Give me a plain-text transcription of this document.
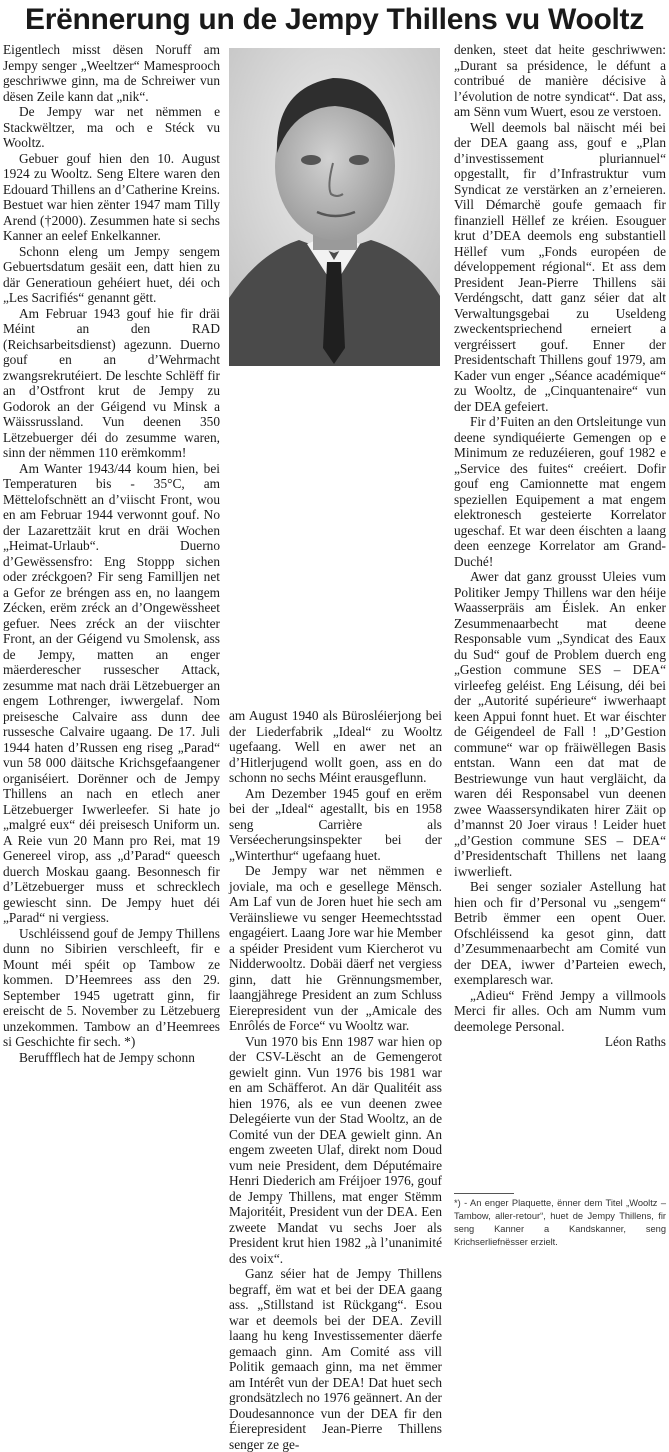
Erënnerung un de Jempy Thillens vu Wooltz

Eigentlech misst dësen Noruff am Jempy senger „Weeltzer“ Mamesprooch geschriwwe ginn, ma de Schreiwer vun dësen Zeile kann dat „nik“.

De Jempy war net nëmmen e Stackwëltzer, ma och e Stéck vu Wooltz.

Gebuer gouf hien den 10. August 1924 zu Wooltz. Seng Eltere waren den Edouard Thillens an d’Catherine Kreins. Bestuet war hien zënter 1947 mam Tilly Arend (†2000). Zesummen hate si sechs Kanner an eelef Enkelkanner.

Schonn eleng um Jempy sengem Gebuertsdatum gesäit een, datt hien zu där Generatioun gehéiert huet, déi och „Les Sacrifiés“ genannt gëtt.

Am Februar 1943 gouf hie fir dräi Méint an den RAD (Reichsarbeitsdienst) agezunn. Duerno gouf en an d’Wehrmacht zwangsrekrutéiert. De leschte Schlëff fir an d’Ostfront krut de Jempy zu Godorok an der Géigend vu Minsk a Wäissrussland. Vun deenen 350 Lëtzebuerger déi do zesumme waren, sinn der nëmmen 110 erëmkomm!

Am Wanter 1943/44 koum hien, bei Temperaturen bis - 35°C, am Mëttelofschnëtt an d’viischt Front, wou en am Februar 1944 verwonnt gouf. No der Lazarettzäit krut en dräi Wochen „Heimat-Urlaub“. Duerno d’Gewëssensfro: Eng Stoppp sichen oder zréckgoen? Fir seng Familljen net a Gefor ze bréngen ass en, no laangem Zécken, erëm zréck an d’Ongewëssheet gefuer. Nees zréck an der viischter Front, an der Géigend vu Smolensk, ass de Jempy, matten an enger mäerderescher russescher Attack, zesumme mat nach dräi Lëtzebuerger an engem Lothrenger, iwwergelaf. Nom preisesche Calvaire ass dunn dee russesche Calvaire ugaang. De 17. Juli 1944 haten d’Russen eng riseg „Parad“ vun 58 000 däitsche Krichsgefaangener organiséiert. Dorënner och de Jempy Thillens an nach en etlech aner Lëtzebuerger Iwwerleefer. Si hate jo „malgré eux“ déi preisesch Uniform un. A Reie vun 20 Mann pro Rei, mat 19 Genereel virop, ass „d’Parad“ queesch duerch Moskau gaang. Besonnesch fir d’Lëtzebuerger muss et schrecklech gewiescht sinn. De Jempy huet déi „Parad“ ni vergiess.

Uschléissend gouf de Jempy Thillens dunn no Sibirien verschleeft, fir e Mount méi spéit op Tambow ze kommen. D’Heemrees ass den 29. September 1945 ugetratt ginn, fir ereischt de 5. November zu Lëtzebuerg unzekommen. Tambow an d’Heemrees si Geschichte fir sech. *)

Beruffflech hat de Jempy schonn

am August 1940 als Bürosléierjong bei der Liederfabrik „Ideal“ zu Wooltz ugefaang. Well en awer net an d’Hitlerjugend wollt goen, ass en do schonn no sechs Méint erausgeflunn.

Am Dezember 1945 gouf en erëm bei der „Ideal“ agestallt, bis en 1958 seng Carrière als Verséecherungsinspekter bei der „Winterthur“ ugefaang huet.

De Jempy war net nëmmen e joviale, ma och e gesellege Mënsch. Am Laf vun de Joren huet hie sech am Veräinsliewe vu senger Heemechtsstad engagéiert. Laang Jore war hie Member a spéider President vum Kiercherot vu Nidderwooltz. Dobäi däerf net vergiess ginn, datt hie Grënnungsmember, laangjährege President an zum Schluss Eierepresident vun der „Amicale des Enrôlés de Force“ vu Wooltz war.

Vun 1970 bis Enn 1987 war hien op der CSV-Lëscht an de Gemengerot gewielt ginn. Vun 1976 bis 1981 war en am Schäfferot. An där Qualitéit ass hien 1976, als ee vun deenen zwee Delegéierte vun der Stad Wooltz, an de Comité vun der DEA gewielt ginn. An engem zweeten Ulaf, direkt nom Doud vum neie President, dem Députémaire Henri Diederich am Fréijoer 1976, gouf de Jempy Thillens, mat enger Stëmm Majoritéit, President vun der DEA. Een zweete Mandat vu sechs Joer als President krut hien 1982 „à l’unanimité des voix“.

Ganz séier hat de Jempy Thillens begraff, ëm wat et bei der DEA gaang ass. „Stillstand ist Rückgang“. Esou war et deemols bei der DEA. Zevill laang hu keng Investissementer däerfe gemaach ginn. Am Comité ass vill Politik gemaach ginn, ma net ëmmer am Intérêt vun der DEA! Dat huet sech grondsätzlech no 1976 geännert. An der Doudesannonce vun der DEA fir den Éierepresident Jean-Pierre Thillens senger ze ge-

denken, steet dat heite geschriwwen: „Durant sa présidence, le défunt a contribué de manière décisive à l’évolution de notre syndicat“. Dat ass, am Sënn vum Wuert, esou ze verstoen.

Well deemols bal näischt méi bei der DEA gaang ass, gouf e „Plan d’investissement pluriannuel“ opgestallt, fir d’Infrastruktur vum Syndicat ze verstärken an z’erneieren. Vill Démarchë goufe gemaach fir finanziell Hëllef ze kréien. Esouguer krut d’DEA deemols eng substantiell Hëllef vum „Fonds européen de développement régional“. Et ass dem President Jean-Pierre Thillens säi Verdéngscht, datt ganz séier dat alt Verwaltungsgebai zu Useldeng zweckentspriechend erneiert a vergréissert gouf. Enner der Presidentschaft Thillens gouf 1979, am Kader vun enger „Séance académique“ zu Wooltz, de „Cinquantenaire“ vun der DEA gefeiert.

Fir d’Fuiten an den Ortsleitunge vun deene syndiquéierte Gemengen op e Minimum ze reduzéieren, gouf 1982 e „Service des fuites“ creéiert. Dofir gouf eng Camionnette mat engem speziellen Equipement a mat engem elektronesch gesteierte Korrelator ugeschaf. Et war deen éischten a laang deen eenzege Korrelator am Grand-Duché!

Awer dat ganz grousst Uleies vum Politiker Jempy Thillens war den héije Waasserpräis am Éislek. An enker Zesummenaarbecht mat deene Responsable vum „Syndicat des Eaux du Sud“ gouf de Problem duerch eng „Gestion commune SES – DEA“ virleefeg geléist. Eng Léisung, déi bei der „Autorité supérieure“ iwwerhaapt keen Appui fonnt huet. Et war éischter de Géigendeel de Fall ! „D’Gestion commune“ war op fräiwëllegen Basis entstan. Wann een dat mat de Bestriewunge vun haut vergläicht, da waren déi Responsabel vun deenen zwee Waassersyndikaten hirer Zäit op d’mannst 20 Joer viraus ! Leider huet „d’Gestion commune SES – DEA“ d’Presidentschaft Thillens net laang iwwerlieft.

Bei senger sozialer Astellung hat hien och fir d’Personal vu „sengem“ Betrib ëmmer een opent Ouer. Ofschléissend ka gesot ginn, datt d’Zesummenaarbecht am Comité vun der DEA, iwwer d’Parteien ewech, exemplaresch war.

„Adieu“ Frënd Jempy a villmools Merci fir alles. Och am Numm vum deemolege Personal.

Léon Raths

*) - An enger Plaquette, ënner dem Titel „Wooltz – Tambow, aller-retour“, huet de Jempy Thillens, fir seng Kanner a Kandskanner, seng Krichserliefnësser erzielt.
